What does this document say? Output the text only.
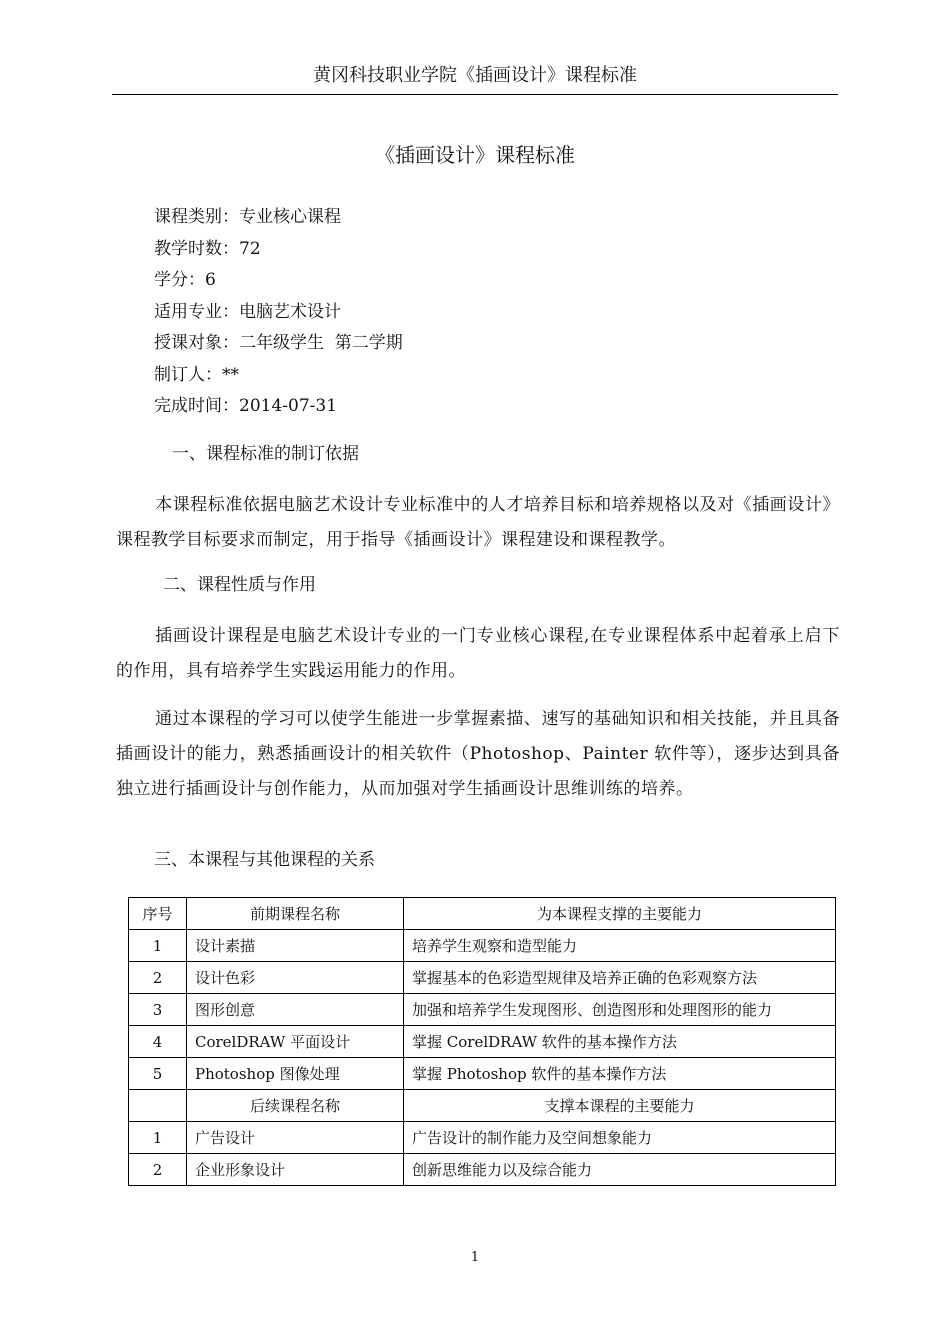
黄冈科技职业学院《插画设计》课程标准
《插画设计》课程标准
课程类别：专业核心课程
教学时数：72
学分：6
适用专业：电脑艺术设计
授课对象：二年级学生  第二学期
制订人：**
完成时间：2014-07-31
一、课程标准的制订依据
本课程标准依据电脑艺术设计专业标准中的人才培养目标和培养规格以及对《插画设计》课程教学目标要求而制定，用于指导《插画设计》课程建设和课程教学。
二、课程性质与作用
插画设计课程是电脑艺术设计专业的一门专业核心课程,在专业课程体系中起着承上启下的作用，具有培养学生实践运用能力的作用。
通过本课程的学习可以使学生能进一步掌握素描、速写的基础知识和相关技能，并且具备插画设计的能力，熟悉插画设计的相关软件（Photoshop、Painter 软件等），逐步达到具备独立进行插画设计与创作能力，从而加强对学生插画设计思维训练的培养。
三、本课程与其他课程的关系
序号	前期课程名称	为本课程支撑的主要能力
1	设计素描	培养学生观察和造型能力
2	设计色彩	掌握基本的色彩造型规律及培养正确的色彩观察方法
3	图形创意	加强和培养学生发现图形、创造图形和处理图形的能力
4	CorelDRAW 平面设计	掌握 CorelDRAW 软件的基本操作方法
5	Photoshop 图像处理	掌握 Photoshop 软件的基本操作方法
	后续课程名称	支撑本课程的主要能力
1	广告设计	广告设计的制作能力及空间想象能力
2	企业形象设计	创新思维能力以及综合能力
1
